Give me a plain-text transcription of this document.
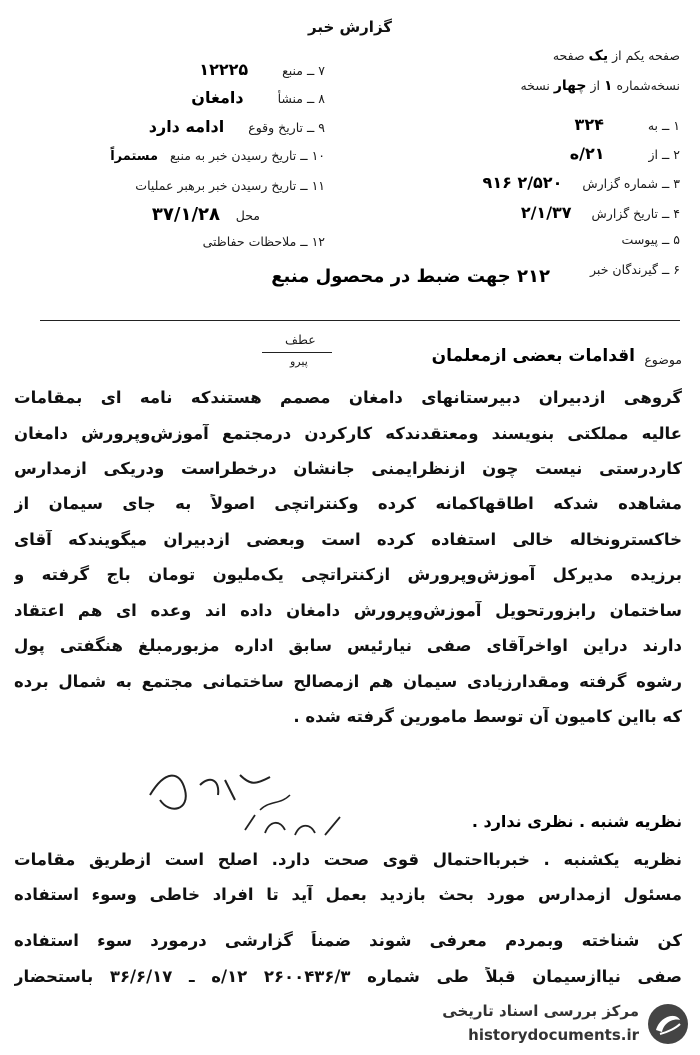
گزارش خبر
صفحه یکم از یک صفحه
نسخه‌شماره ۱ از چهار نسخه
۱ ــ به ۳۲۴
۲ ــ از ۲۱/ه
۳ ــ شماره گزارش ۲/۵۲۰ ۹۱۶
۴ ــ تاریخ گزارش ۲/۱/۳۷
۵ ــ پیوست
۶ ــ گیرندگان خبر
۲۱۲ جهت ضبط در محصول منبع
۷ ــ منبع ۱۲۲۲۵
۸ ــ منشأ دامغان
۹ ــ تاریخ وقوع ادامه دارد
۱۰ ــ تاریخ رسیدن خبر به منبع مستمراً
۱۱ ــ تاریخ رسیدن خبر برهبر عملیات
محل
۳۷/۱/۲۸
۱۲ ــ ملاحظات حفاظتی
عطف
پیرو	موضوع
اقدامات بعضی ازمعلمان
گروهی ازدبیران دبیرستانهای دامغان مصمم هستندکه نامه ای بمقامات
عالیه مملکتی بنویسند ومعتقدندکه کارکردن درمجتمع آموزش‌وپرورش دامغان
کاردرستی نیست چون ازنظرایمنی جانشان درخطراست ودریکی ازمدارس
مشاهده شدکه اطاقهاکمانه کرده وکنتراتچی اصولاً به جای سیمان از
خاکسترونخاله خالی استفاده کرده است وبعضی ازدبیران میگویندکه آقای
برزیده مدیرکل آموزش‌وپرورش ازکنتراتچی یک‌ملیون تومان باج گرفته و
ساختمان رابزورتحویل آموزش‌وپرورش دامغان داده اند وعده ای هم اعتقاد
دارند دراین اواخرآقای صفی نیارئیس سابق اداره مزبورمبلغ هنگفتی پول
رشوه گرفته ومقدارزیادی سیمان هم ازمصالح ساختمانی مجتمع به شمال برده
که بااین کامیون آن توسط مامورین گرفته شده .
نظریه شنبه . نظری ندارد .
نظریه یکشنبه . خبربااحتمال قوی صحت دارد. اصلح است ازطریق مقامات
مسئول ازمدارس مورد بحث بازدید بعمل آید تا افراد خاطی وسوء استفاده
کن شناخته وبمردم معرفی شوند ضمناً گزارشی درمورد سوء استفاده
صفی نیاازسیمان قبلاً طی شماره ۲۶۰۰۴۳۶/۳‌ ۱۲/ه ـ ۳۶/۶/۱۷ باستحضار
مرکز بررسی اسناد تاریخی
historydocuments.ir
